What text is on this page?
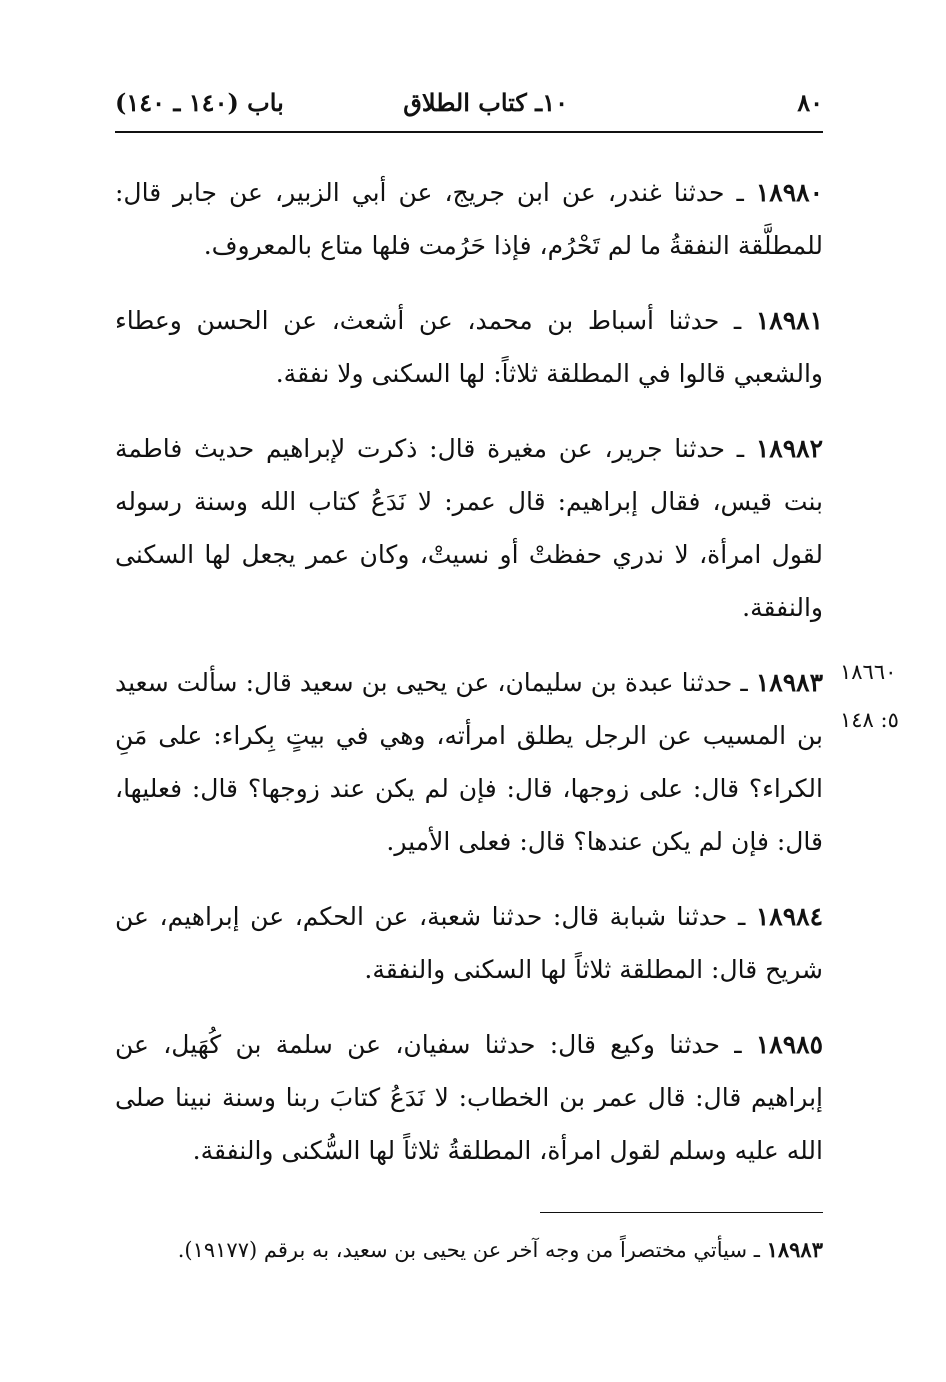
٨٠
١٠ـ كتاب الطلاق
باب (١٤٠ ـ ١٤٠)

١٨٩٨٠ ـ حدثنا غندر، عن ابن جريج، عن أبي الزبير، عن جابر قال: للمطلَّقة النفقةُ ما لم تَحْرُم، فإذا حَرُمت فلها متاع بالمعروف.

١٨٩٨١ ـ حدثنا أسباط بن محمد، عن أشعث، عن الحسن وعطاء والشعبي قالوا في المطلقة ثلاثاً: لها السكنى ولا نفقة.

١٨٩٨٢ ـ حدثنا جرير، عن مغيرة قال: ذكرت لإبراهيم حديث فاطمة بنت قيس، فقال إبراهيم: قال عمر: لا نَدَعُ كتاب الله وسنة رسوله لقول امرأة، لا ندري حفظتْ أو نسيتْ، وكان عمر يجعل لها السكنى والنفقة.

١٨٩٨٣ ـ حدثنا عبدة بن سليمان، عن يحيى بن سعيد قال: سألت سعيد بن المسيب عن الرجل يطلق امرأته، وهي في بيتٍ بِكراء: على مَنِ الكراء؟ قال: على زوجها، قال: فإن لم يكن عند زوجها؟ قال: فعليها، قال: فإن لم يكن عندها؟ قال: فعلى الأمير.

١٨٩٨٤ ـ حدثنا شبابة قال: حدثنا شعبة، عن الحكم، عن إبراهيم، عن شريح قال: المطلقة ثلاثاً لها السكنى والنفقة.

١٨٩٨٥ ـ حدثنا وكيع قال: حدثنا سفيان، عن سلمة بن كُهَيل، عن إبراهيم قال: قال عمر بن الخطاب: لا نَدَعُ كتابَ ربنا وسنة نبينا صلى الله عليه وسلم لقول امرأة، المطلقةُ ثلاثاً لها السُّكنى والنفقة.

١٨٦٦٠
٥: ١٤٨
١٨٩٨٣ ـ سيأتي مختصراً من وجه آخر عن يحيى بن سعيد، به برقم (١٩١٧٧).
